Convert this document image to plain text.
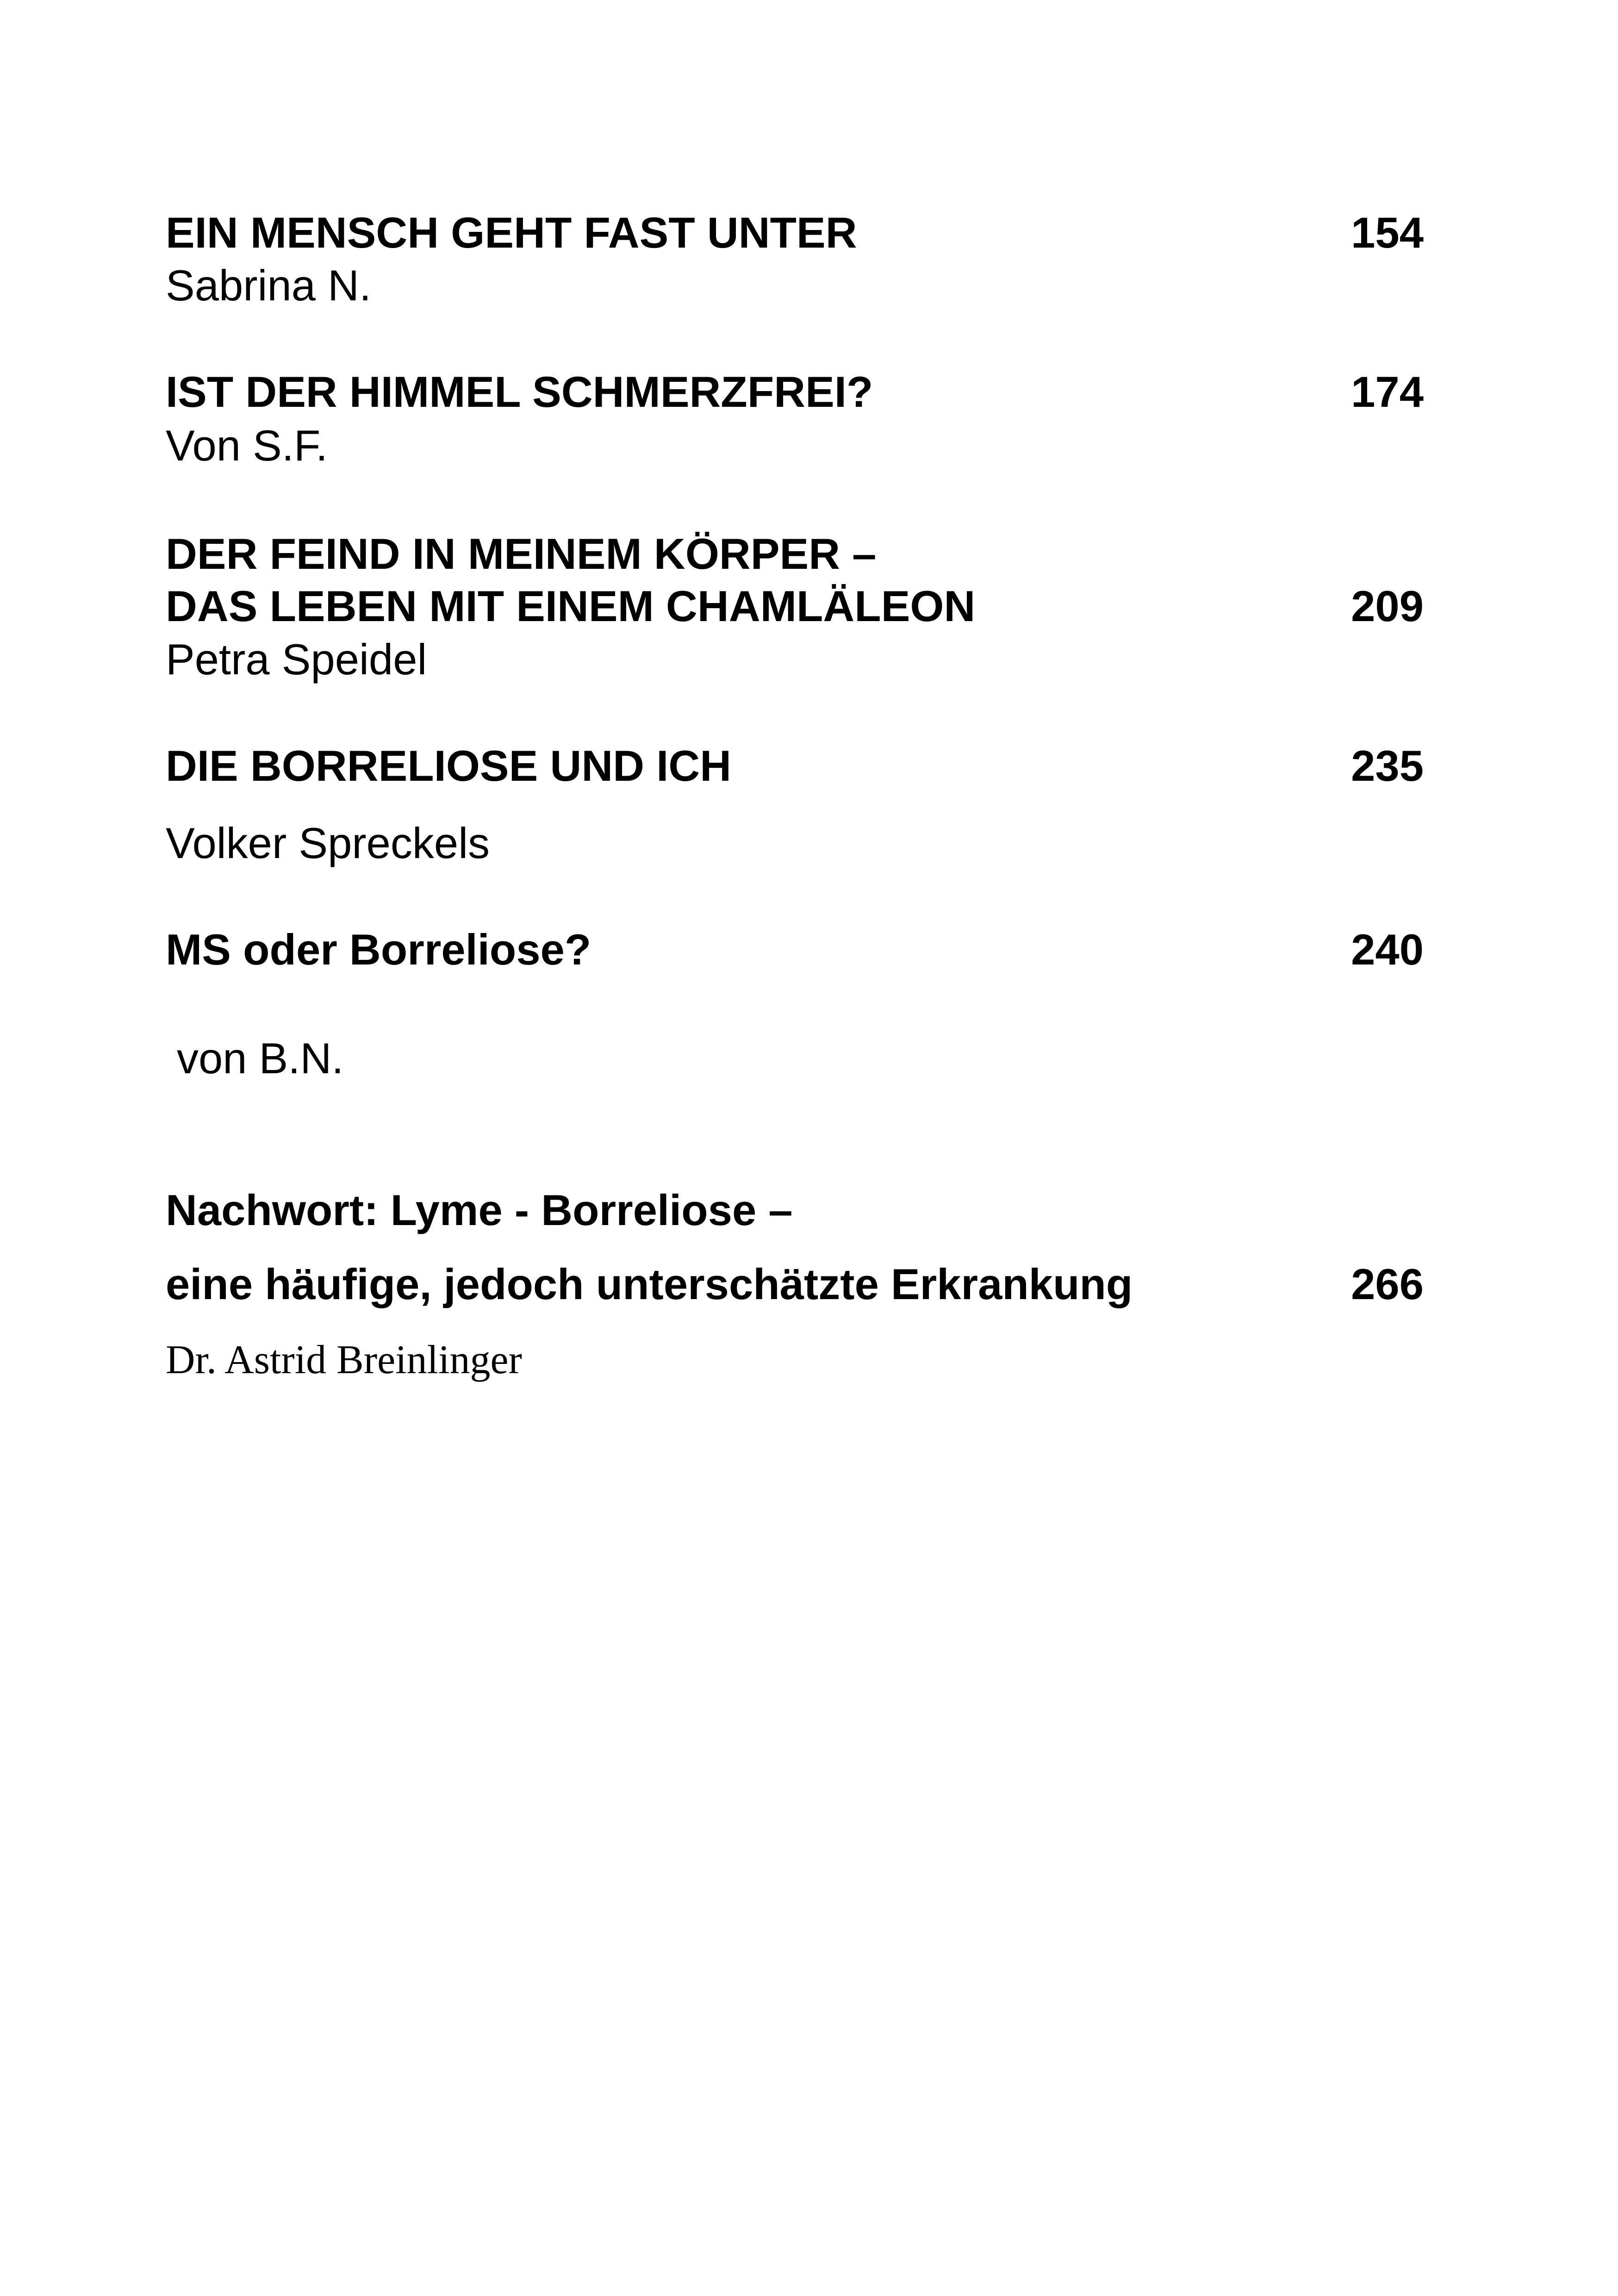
EIN MENSCH GEHT FAST UNTER	154
Sabrina N.
IST DER HIMMEL SCHMERZFREI?	174
Von S.F.
DER FEIND IN MEINEM KÖRPER –
DAS LEBEN MIT EINEM CHAMLÄLEON	209
Petra Speidel
DIE BORRELIOSE UND ICH	235
Volker Spreckels
MS oder Borreliose?	240
von B.N.
Nachwort: Lyme - Borreliose –
eine häufige, jedoch unterschätzte Erkrankung	266
Dr. Astrid Breinlinger
